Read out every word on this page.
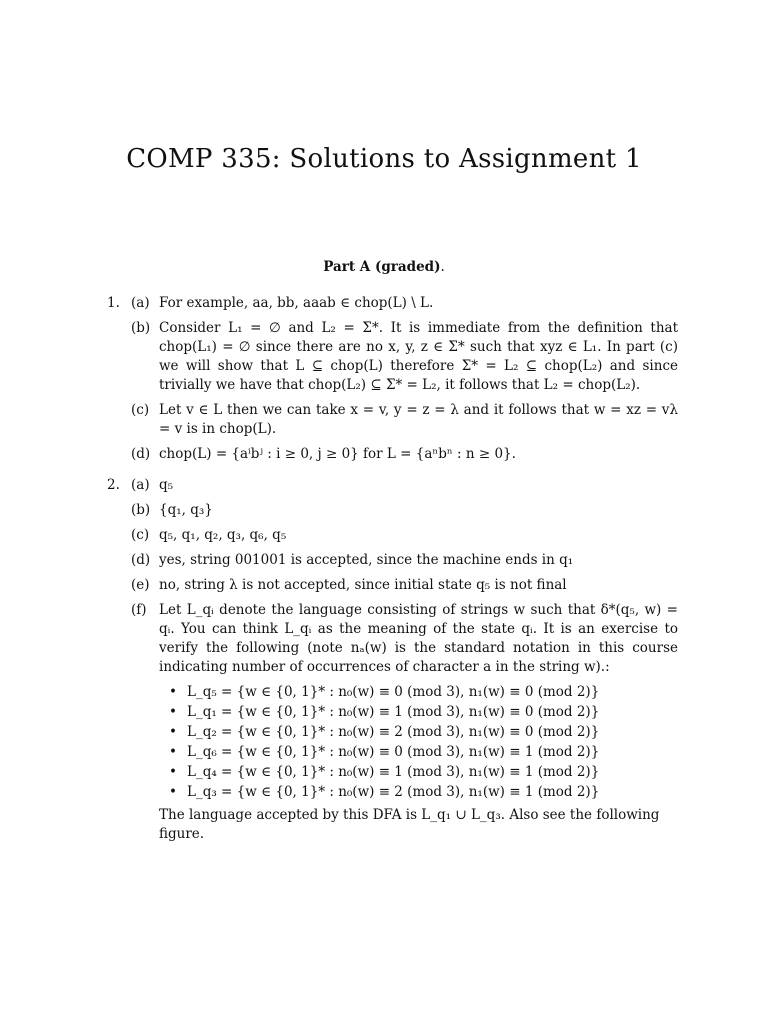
COMP 335: Solutions to Assignment 1
Part A (graded).
1. (a) For example, aa, bb, aaab ∈ chop(L) \ L.
(b) Consider L₁ = ∅ and L₂ = Σ*. It is immediate from the definition that chop(L₁) = ∅ since there are no x, y, z ∈ Σ* such that xyz ∈ L₁. In part (c) we will show that L ⊆ chop(L) therefore Σ* = L₂ ⊆ chop(L₂) and since trivially we have that chop(L₂) ⊆ Σ* = L₂, it follows that L₂ = chop(L₂).
(c) Let v ∈ L then we can take x = v, y = z = λ and it follows that w = xz = vλ = v is in chop(L).
(d) chop(L) = {aⁱbʲ : i ≥ 0, j ≥ 0} for L = {aⁿbⁿ : n ≥ 0}.
2. (a) q₅
(b) {q₁, q₃}
(c) q₅, q₁, q₂, q₃, q₆, q₅
(d) yes, string 001001 is accepted, since the machine ends in q₁
(e) no, string λ is not accepted, since initial state q₅ is not final
(f) Let L_qᵢ denote the language consisting of strings w such that δ*(q₅, w) = qᵢ. You can think L_qᵢ as the meaning of the state qᵢ. It is an exercise to verify the following (note nₐ(w) is the standard notation in this course indicating number of occurrences of character a in the string w).:
• L_q₅ = {w ∈ {0, 1}* : n₀(w) ≡ 0 (mod 3), n₁(w) ≡ 0 (mod 2)}
• L_q₁ = {w ∈ {0, 1}* : n₀(w) ≡ 1 (mod 3), n₁(w) ≡ 0 (mod 2)}
• L_q₂ = {w ∈ {0, 1}* : n₀(w) ≡ 2 (mod 3), n₁(w) ≡ 0 (mod 2)}
• L_q₆ = {w ∈ {0, 1}* : n₀(w) ≡ 0 (mod 3), n₁(w) ≡ 1 (mod 2)}
• L_q₄ = {w ∈ {0, 1}* : n₀(w) ≡ 1 (mod 3), n₁(w) ≡ 1 (mod 2)}
• L_q₃ = {w ∈ {0, 1}* : n₀(w) ≡ 2 (mod 3), n₁(w) ≡ 1 (mod 2)}
The language accepted by this DFA is L_q₁ ∪ L_q₃. Also see the following figure.
